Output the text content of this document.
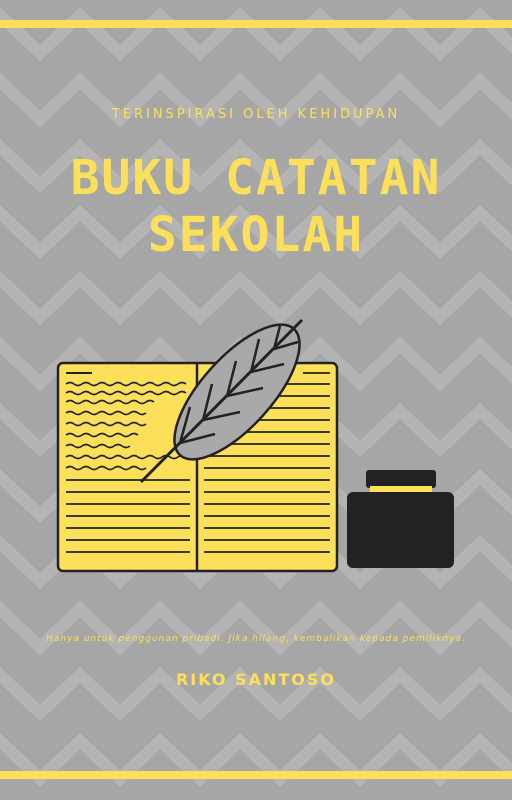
TERINSPIRASI OLEH KEHIDUPAN
BUKU CATATAN
SEKOLAH
Hanya untuk penggunan pribadi. Jika hilang, kembalikan kepada pemiliknya.
RIKO SANTOSO
